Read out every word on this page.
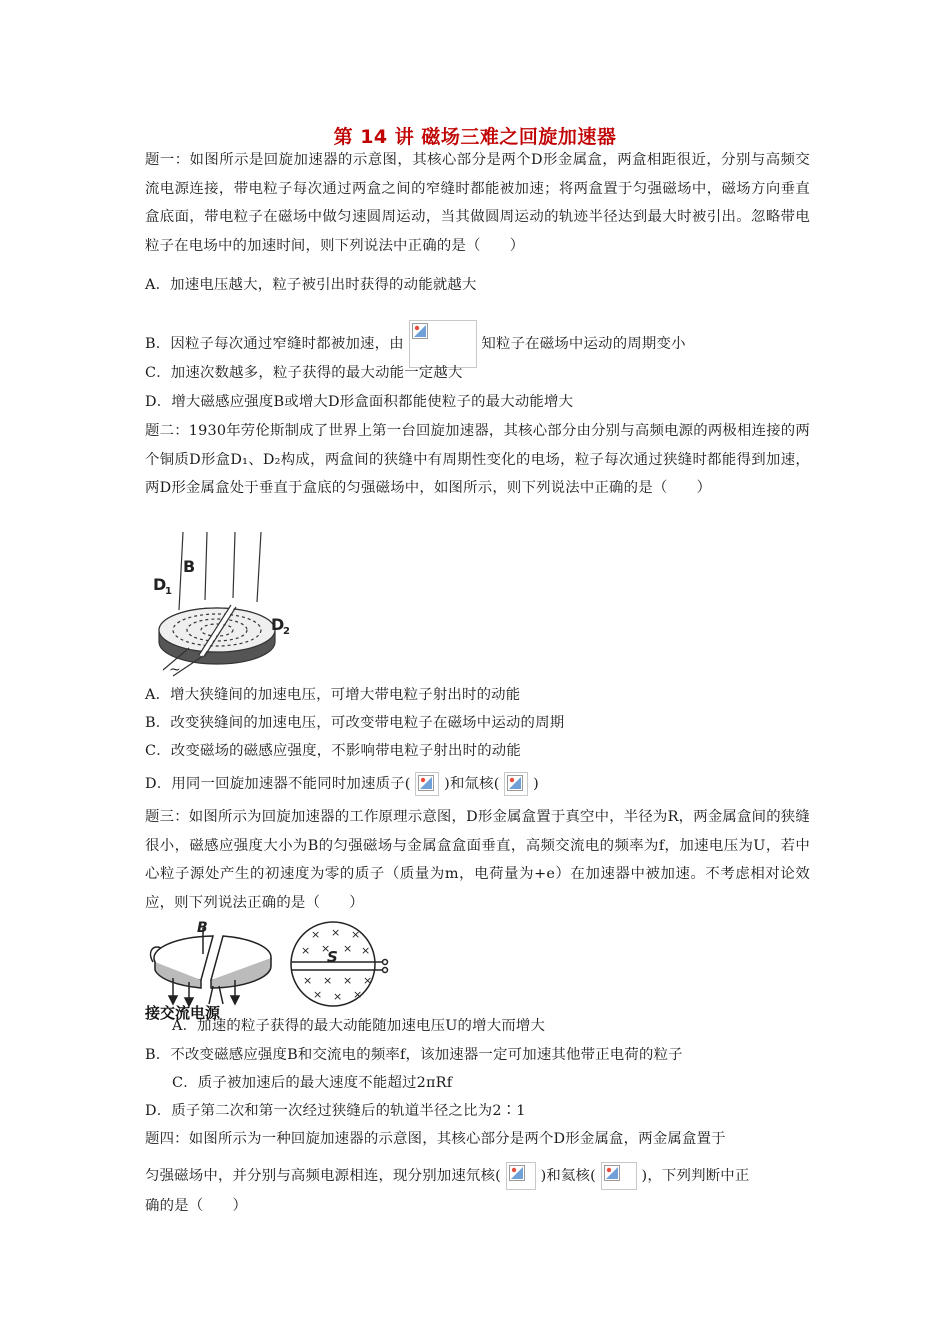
第 14 讲 磁场三难之回旋加速器
题一：如图所示是回旋加速器的示意图，其核心部分是两个D形金属盒，两盒相距很近，分别与高频交流电源连接，带电粒子每次通过两盒之间的窄缝时都能被加速；将两盒置于匀强磁场中，磁场方向垂直盒底面，带电粒子在磁场中做匀速圆周运动，当其做圆周运动的轨迹半径达到最大时被引出。忽略带电粒子在电场中的加速时间，则下列说法中正确的是（　　）
A．加速电压越大，粒子被引出时获得的动能就越大
B．因粒子每次通过窄缝时都被加速，由	知粒子在磁场中运动的周期变小
C．加速次数越多，粒子获得的最大动能一定越大
D．增大磁感应强度B或增大D形盒面积都能使粒子的最大动能增大
题二：1930年劳伦斯制成了世界上第一台回旋加速器，其核心部分由分别与高频电源的两极相连接的两个铜质D形盒D₁、D₂构成，两盒间的狭缝中有周期性变化的电场，粒子每次通过狭缝时都能得到加速，两D形金属盒处于垂直于盒底的匀强磁场中，如图所示，则下列说法中正确的是（　　）
B
D
1
D
2
~
A．增大狭缝间的加速电压，可增大带电粒子射出时的动能
B．改变狭缝间的加速电压，可改变带电粒子在磁场中运动的周期
C．改变磁场的磁感应强度，不影响带电粒子射出时的动能
D．用同一回旋加速器不能同时加速质子( )和氚核( )
题三：如图所示为回旋加速器的工作原理示意图，D形金属盒置于真空中，半径为R，两金属盒间的狭缝很小，磁感应强度大小为B的匀强磁场与金属盒盒面垂直，高频交流电的频率为f，加速电压为U，若中心粒子源处产生的初速度为零的质子（质量为m，电荷量为+e）在加速器中被加速。不考虑相对论效应，则下列说法正确的是（　　）
B
S
× × ×
× × × ×
× × × ×
× × ×
接交流电源
A．加速的粒子获得的最大动能随加速电压U的增大而增大
B．不改变磁感应强度B和交流电的频率f，该加速器一定可加速其他带正电荷的粒子
C．质子被加速后的最大速度不能超过2πRf
D．质子第二次和第一次经过狭缝后的轨道半径之比为2∶1
题四：如图所示为一种回旋加速器的示意图，其核心部分是两个D形金属盒，两金属盒置于
匀强磁场中，并分别与高频电源相连，现分别加速氘核(	)和氦核(	)，下列判断中正
确的是（　　）
